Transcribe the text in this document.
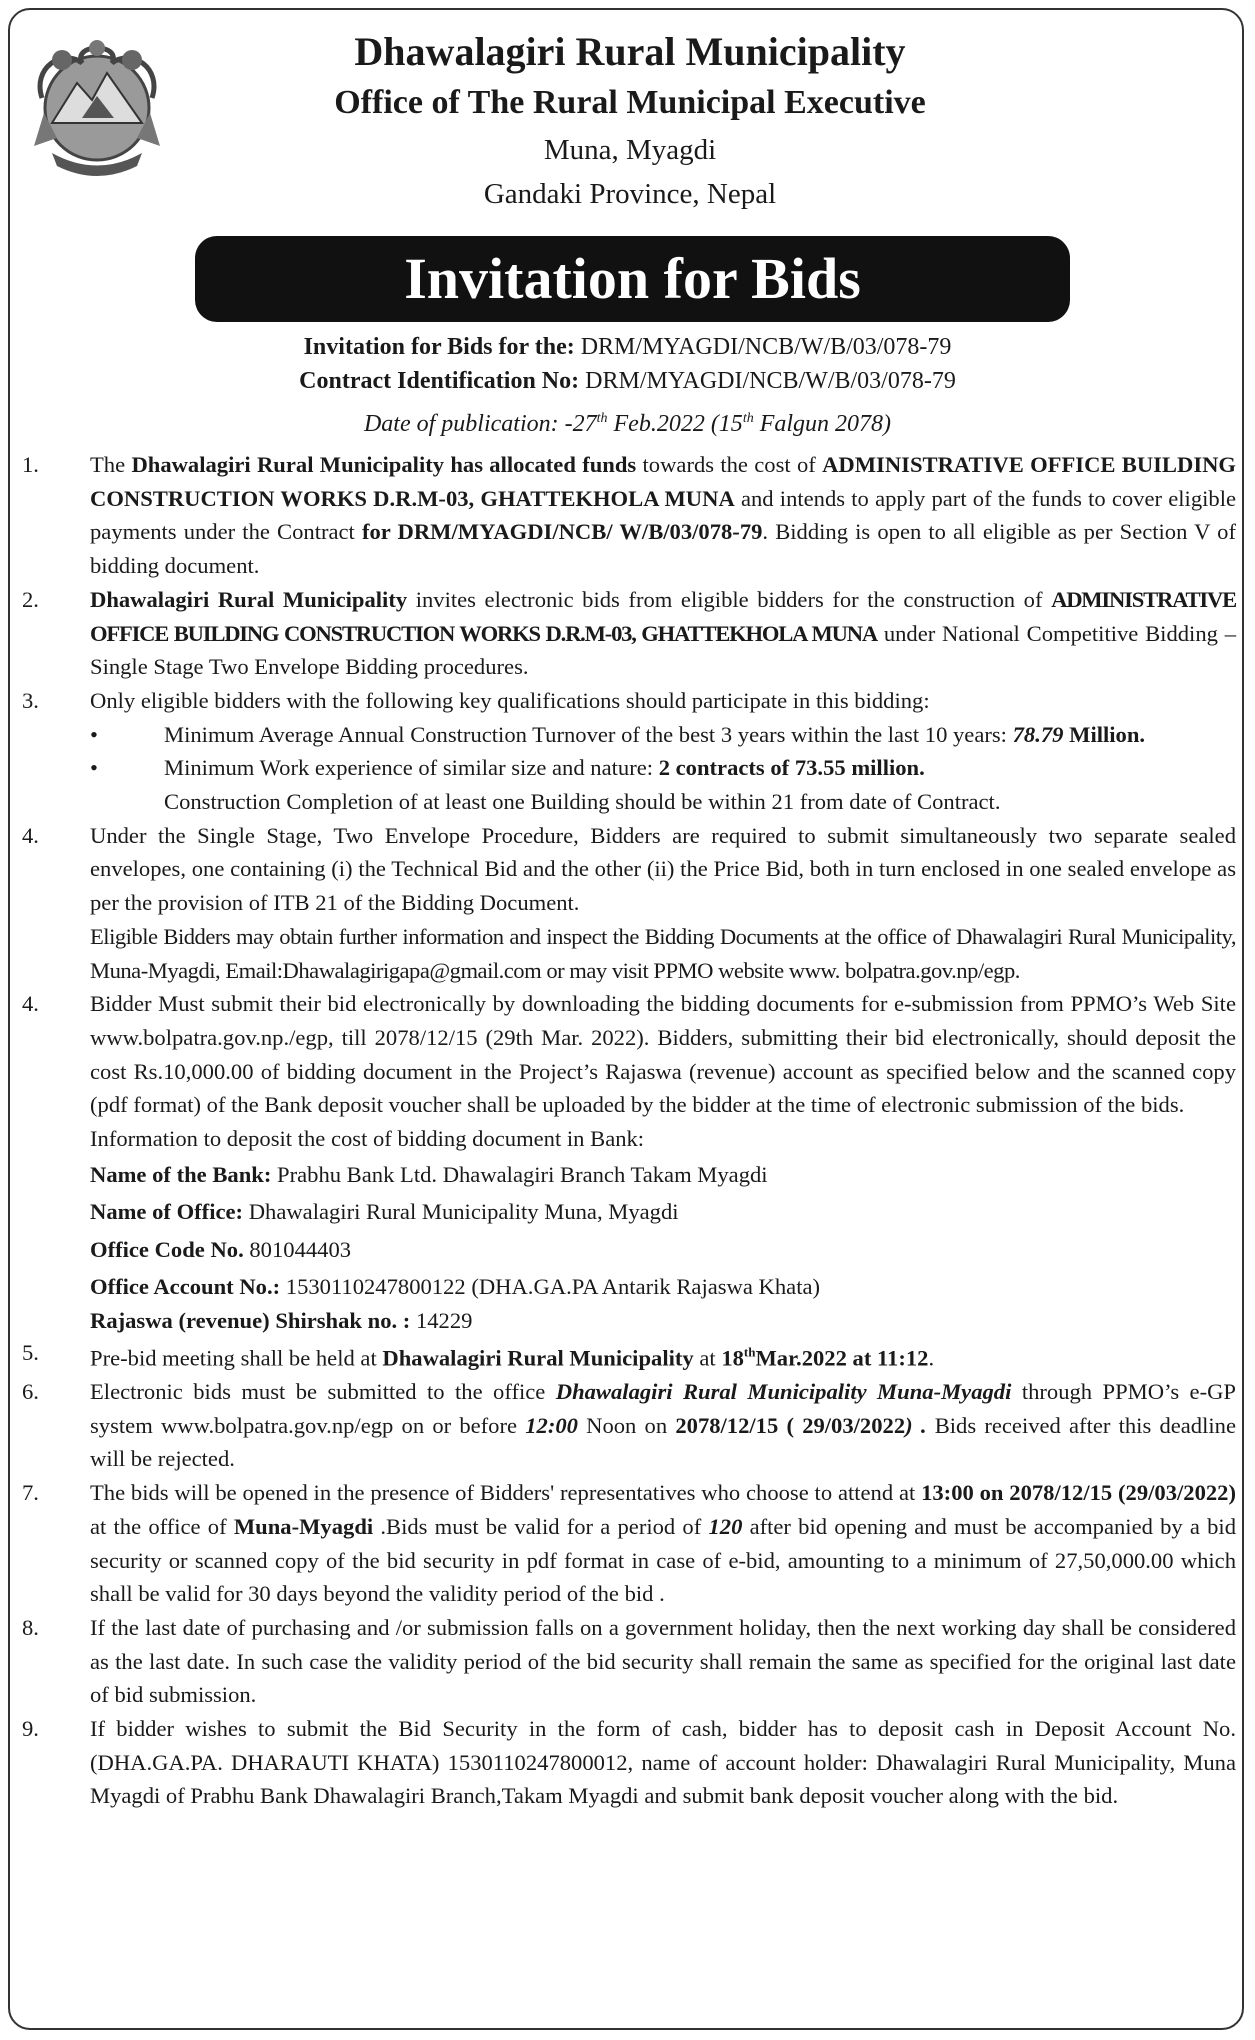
Dhawalagiri Rural Municipality
Office of The Rural Municipal Executive
Muna, Myagdi
Gandaki Province, Nepal
Invitation for Bids
Invitation for Bids for the: DRM/MYAGDI/NCB/W/B/03/078-79
Contract Identification No: DRM/MYAGDI/NCB/W/B/03/078-79
Date of publication: -27th Feb.2022 (15th Falgun 2078)
1.	The Dhawalagiri Rural Municipality has allocated funds towards the cost of ADMINISTRATIVE OFFICE BUILDING CONSTRUCTION WORKS D.R.M-03, GHATTEKHOLA MUNA and intends to apply part of the funds to cover eligible payments under the Contract for DRM/MYAGDI/NCB/ W/B/03/078-79. Bidding is open to all eligible as per Section V of bidding document.
2.	Dhawalagiri Rural Municipality invites electronic bids from eligible bidders for the construction of ADMINISTRATIVE OFFICE BUILDING CONSTRUCTION WORKS D.R.M-03, GHATTEKHOLA MUNA under National Competitive Bidding – Single Stage Two Envelope Bidding procedures.
3.	Only eligible bidders with the following key qualifications should participate in this bidding:
•	Minimum Average Annual Construction Turnover of the best 3 years within the last 10 years: 78.79 Million.
•	Minimum Work experience of similar size and nature: 2 contracts of 73.55 million.
Construction Completion of at least one Building should be within 21 from date of Contract.
4.	Under the Single Stage, Two Envelope Procedure, Bidders are required to submit simultaneously two separate sealed envelopes, one containing (i) the Technical Bid and the other (ii) the Price Bid, both in turn enclosed in one sealed envelope as per the provision of ITB 21 of the Bidding Document.
Eligible Bidders may obtain further information and inspect the Bidding Documents at the office of Dhawalagiri Rural Municipality, Muna-Myagdi, Email:Dhawalagirigapa@gmail.com or may visit PPMO website www. bolpatra.gov.np/egp.
4.	Bidder Must submit their bid electronically by downloading the bidding documents for e-submission from PPMO’s Web Site www.bolpatra.gov.np./egp, till 2078/12/15 (29th Mar. 2022). Bidders, submitting their bid electronically, should deposit the cost Rs.10,000.00 of bidding document in the Project’s Rajaswa (revenue) account as specified below and the scanned copy (pdf format) of the Bank deposit voucher shall be uploaded by the bidder at the time of electronic submission of the bids.
Information to deposit the cost of bidding document in Bank:
Name of the Bank: Prabhu Bank Ltd. Dhawalagiri Branch Takam Myagdi
Name of Office: Dhawalagiri Rural Municipality Muna, Myagdi
Office Code No. 801044403
Office Account No.: 1530110247800122 (DHA.GA.PA Antarik Rajaswa Khata)
Rajaswa (revenue) Shirshak no. : 14229
5.	Pre-bid meeting shall be held at Dhawalagiri Rural Municipality at 18thMar.2022 at 11:12.
6.	Electronic bids must be submitted to the office Dhawalagiri Rural Municipality Muna-Myagdi through PPMO’s e-GP system www.bolpatra.gov.np/egp on or before 12:00 Noon on 2078/12/15 ( 29/03/2022) . Bids received after this deadline will be rejected.
7.	The bids will be opened in the presence of Bidders' representatives who choose to attend at 13:00 on 2078/12/15 (29/03/2022) at the office of Muna-Myagdi .Bids must be valid for a period of 120 after bid opening and must be accompanied by a bid security or scanned copy of the bid security in pdf format in case of e-bid, amounting to a minimum of 27,50,000.00 which shall be valid for 30 days beyond the validity period of the bid .
8.	If the last date of purchasing and /or submission falls on a government holiday, then the next working day shall be considered as the last date. In such case the validity period of the bid security shall remain the same as specified for the original last date of bid submission.
9.	If bidder wishes to submit the Bid Security in the form of cash, bidder has to deposit cash in Deposit Account No. (DHA.GA.PA. DHARAUTI KHATA) 1530110247800012, name of account holder: Dhawalagiri Rural Municipality, Muna Myagdi of Prabhu Bank Dhawalagiri Branch,Takam Myagdi and submit bank deposit voucher along with the bid.
